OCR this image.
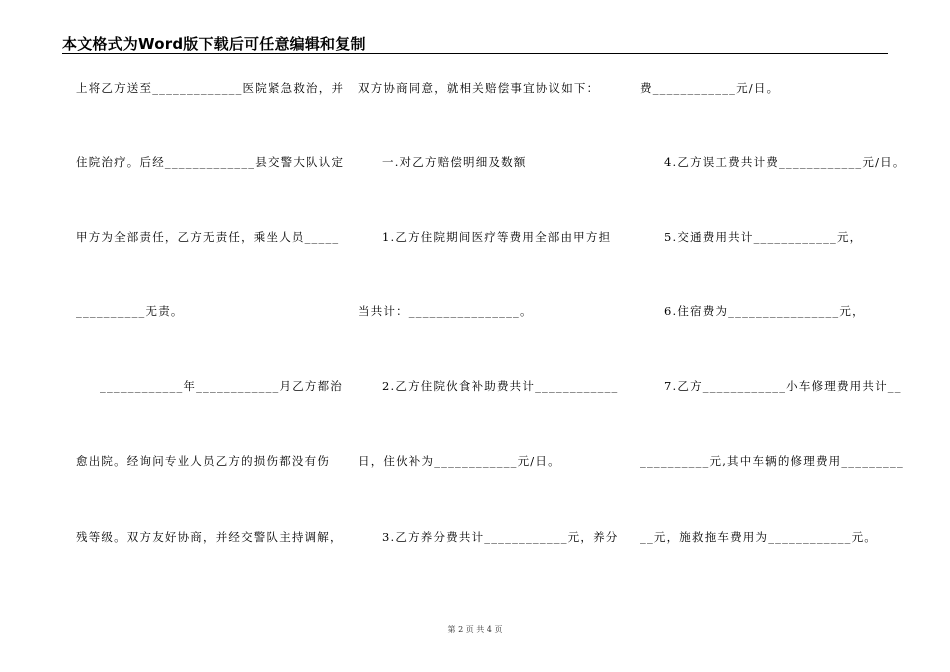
本文格式为Word版下载后可任意编辑和复制
上将乙方送至_____________医院紧急救治，并
住院治疗。后经_____________县交警大队认定
甲方为全部责任，乙方无责任，乘坐人员_____
__________无责。
____________年____________月乙方都治
愈出院。经询问专业人员乙方的损伤都没有伤
残等级。双方友好协商，并经交警队主持调解，
双方协商同意，就相关赔偿事宜协议如下：
一.对乙方赔偿明细及数额
1.乙方住院期间医疗等费用全部由甲方担
当共计：________________。
2.乙方住院伙食补助费共计____________
日，住伙补为____________元/日。
3.乙方养分费共计____________元，养分
费____________元/日。
4.乙方误工费共计费____________元/日。
5.交通费用共计____________元，
6.住宿费为________________元，
7.乙方____________小车修理费用共计__
__________元,其中车辆的修理费用_________
__元，施救拖车费用为____________元。
第 2 页 共 4 页
